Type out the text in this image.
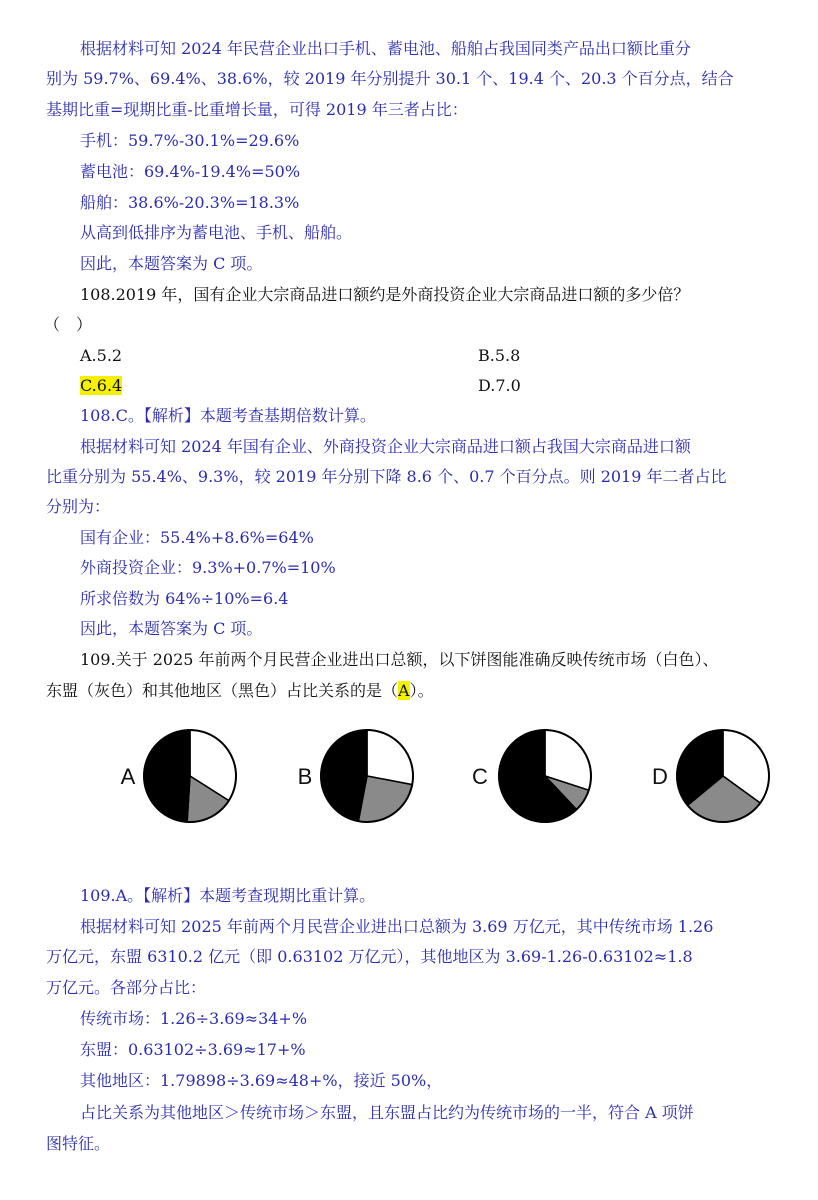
根据材料可知 2024 年民营企业出口手机、蓄电池、船舶占我国同类产品出口额比重分
别为 59.7%、69.4%、38.6%，较 2019 年分别提升 30.1 个、19.4 个、20.3 个百分点，结合
基期比重=现期比重-比重增长量，可得 2019 年三者占比：
手机：59.7%-30.1%=29.6%
蓄电池：69.4%-19.4%=50%
船舶：38.6%-20.3%=18.3%
从高到低排序为蓄电池、手机、船舶。
因此，本题答案为 C 项。
108.2019 年，国有企业大宗商品进口额约是外商投资企业大宗商品进口额的多少倍？
（　）
A.5.2	B.5.8
C.6.4	D.7.0
108.C。【解析】本题考查基期倍数计算。
根据材料可知 2024 年国有企业、外商投资企业大宗商品进口额占我国大宗商品进口额
比重分别为 55.4%、9.3%，较 2019 年分别下降 8.6 个、0.7 个百分点。则 2019 年二者占比
分别为：
国有企业：55.4%+8.6%=64%
外商投资企业：9.3%+0.7%=10%
所求倍数为 64%÷10%=6.4
因此，本题答案为 C 项。
109.关于 2025 年前两个月民营企业进出口总额，以下饼图能准确反映传统市场（白色）、
东盟（灰色）和其他地区（黑色）占比关系的是（A）。
A	B	C	D
109.A。【解析】本题考查现期比重计算。
根据材料可知 2025 年前两个月民营企业进出口总额为 3.69 万亿元，其中传统市场 1.26
万亿元，东盟 6310.2 亿元（即 0.63102 万亿元），其他地区为 3.69-1.26-0.63102≈1.8
万亿元。各部分占比：
传统市场：1.26÷3.69≈34+%
东盟：0.63102÷3.69≈17+%
其他地区：1.79898÷3.69≈48+%，接近 50%，
占比关系为其他地区＞传统市场＞东盟，且东盟占比约为传统市场的一半，符合 A 项饼
图特征。
